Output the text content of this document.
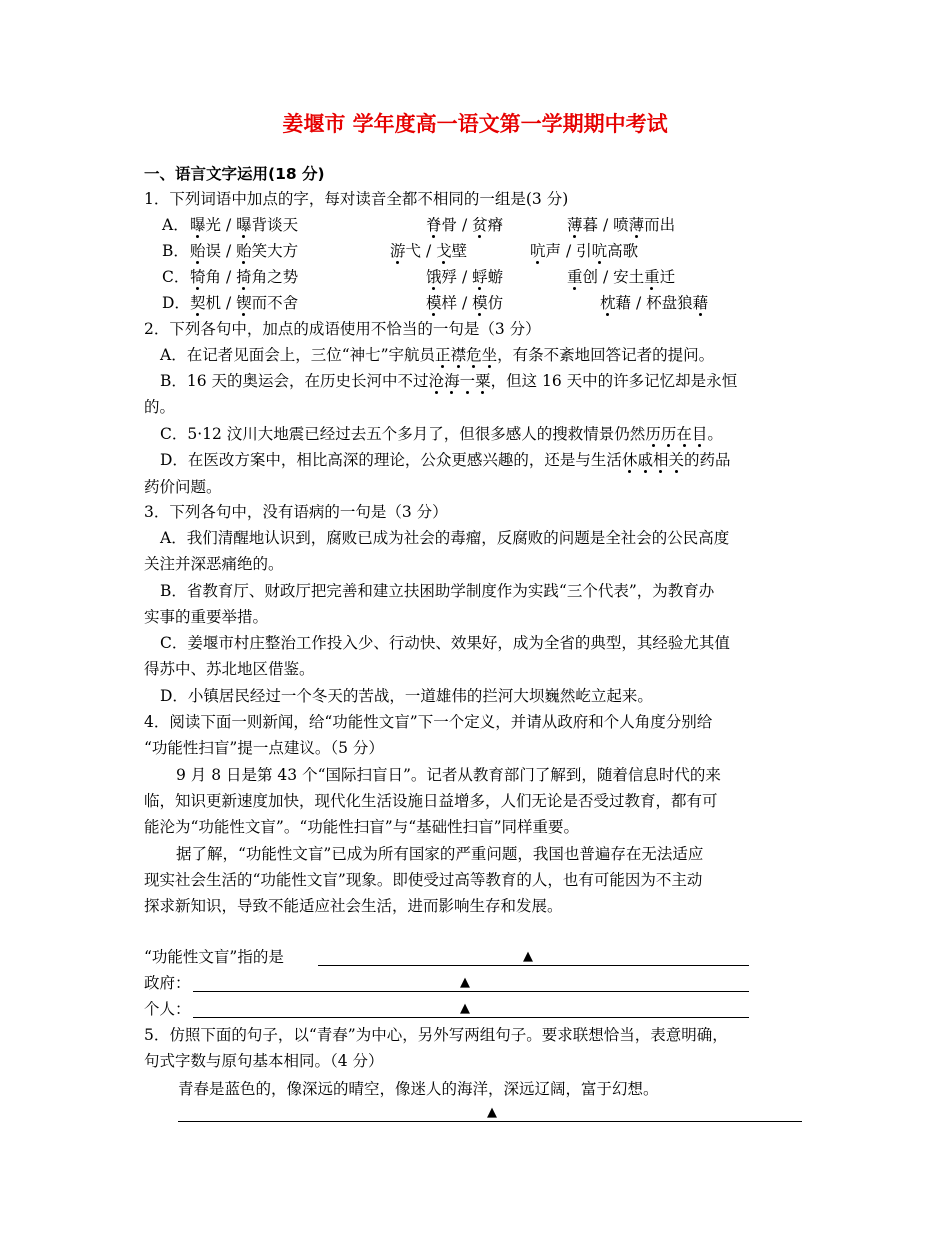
姜堰市 学年度高一语文第一学期期中考试
一、语言文字运用(18 分)
1．下列词语中加点的字，每对读音全都不相同的一组是(3 分)
A． 曝光 / 曝背谈天	脊骨 / 贫瘠	薄暮 / 喷薄而出
B． 贻误 / 贻笑大方	游弋 / 戈壁	吭声 / 引吭高歌
C． 犄角 / 掎角之势	饿殍 / 蜉蝣	重创 / 安土重迁
D． 契机 / 锲而不舍	模样 / 模仿	枕藉 / 杯盘狼藉
2．下列各句中，加点的成语使用不恰当的一句是（3 分）
A．在记者见面会上，三位“神七”宇航员正襟危坐，有条不紊地回答记者的提问。
B．16 天的奥运会，在历史长河中不过沧海一粟，但这 16 天中的许多记忆却是永恒
的。
C．5·12 汶川大地震已经过去五个多月了，但很多感人的搜救情景仍然历历在目。
D．在医改方案中，相比高深的理论，公众更感兴趣的，还是与生活休戚相关的药品
药价问题。
3．下列各句中，没有语病的一句是（3 分）
A．我们清醒地认识到，腐败已成为社会的毒瘤，反腐败的问题是全社会的公民高度
关注并深恶痛绝的。
B．省教育厅、财政厅把完善和建立扶困助学制度作为实践“三个代表”，为教育办
实事的重要举措。
C．姜堰市村庄整治工作投入少、行动快、效果好，成为全省的典型，其经验尤其值
得苏中、苏北地区借鉴。
D．小镇居民经过一个冬天的苦战，一道雄伟的拦河大坝巍然屹立起来。
4．阅读下面一则新闻，给“功能性文盲”下一个定义，并请从政府和个人角度分别给
“功能性扫盲”提一点建议。（5 分）
9 月 8 日是第 43 个“国际扫盲日”。记者从教育部门了解到，随着信息时代的来
临，知识更新速度加快，现代化生活设施日益增多，人们无论是否受过教育，都有可
能沦为“功能性文盲”。“功能性扫盲”与“基础性扫盲”同样重要。
据了解，“功能性文盲”已成为所有国家的严重问题，我国也普遍存在无法适应
现实社会生活的“功能性文盲”现象。即使受过高等教育的人，也有可能因为不主动
探求新知识，导致不能适应社会生活，进而影响生存和发展。
“功能性文盲”指的是	▲
政府：	▲
个人：	▲
5．仿照下面的句子，以“青春”为中心，另外写两组句子。要求联想恰当，表意明确，
句式字数与原句基本相同。（4 分）
青春是蓝色的，像深远的晴空，像迷人的海洋，深远辽阔，富于幻想。
▲
